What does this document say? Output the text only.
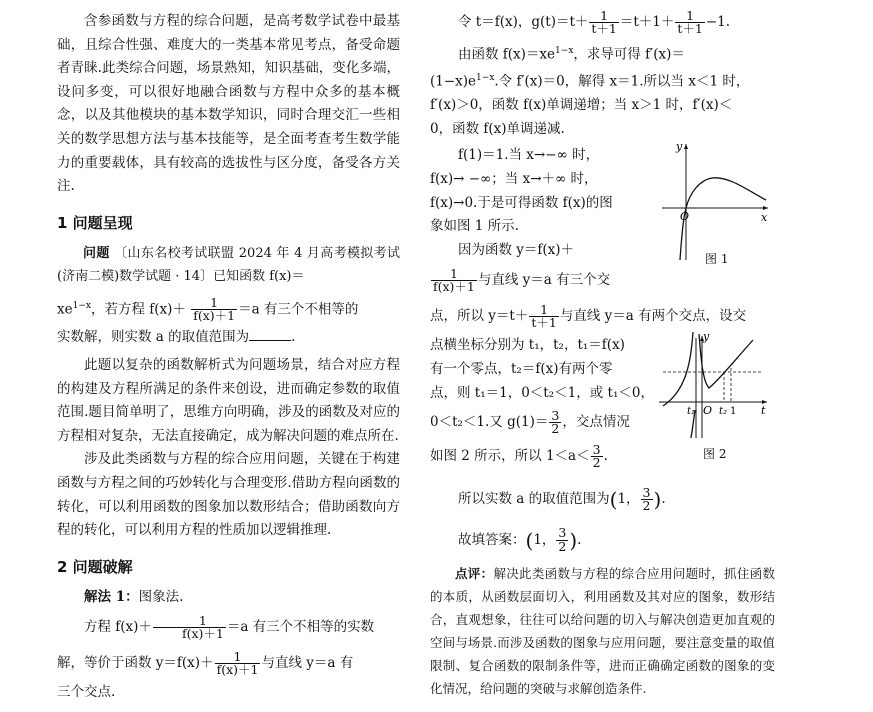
含参函数与方程的综合问题，是高考数学试卷中最基础，且综合性强、难度大的一类基本常见考点，备受命题者青睐.此类综合问题，场景熟知，知识基础，变化多端，设问多变，可以很好地融合函数与方程中众多的基本概念，以及其他模块的基本数学知识，同时合理交汇一些相关的数学思想方法与基本技能等，是全面考查考生数学能力的重要载体，具有较高的选拔性与区分度，备受各方关注.

1 问题呈现

问题 〔山东名校考试联盟 2024 年 4 月高考模拟考试(济南二模)数学试题 · 14〕已知函数 f(x)＝

$xe^{1-x}$，若方程 $f(x)+ \frac{1}{f(x)+1} =a$ 有三个不相等的

实数解，则实数 a 的取值范围为	.

此题以复杂的函数解析式为问题场景，结合对应方程的构建及方程所满足的条件来创设，进而确定参数的取值范围.题目简单明了，思维方向明确，涉及的函数及对应的方程相对复杂，无法直接确定，成为解决问题的难点所在.

涉及此类函数与方程的综合应用问题，关键在于构建函数与方程之间的巧妙转化与合理变形.借助方程向函数的转化，可以利用函数的图象加以数形结合；借助函数向方程的转化，可以利用方程的性质加以逻辑推理.

2 问题破解

解法 1：图象法.

方程 $f(x)+ \frac{1}{f(x)+1} =a$ 有三个不相等的实数

解，等价于函数 $y=f(x)+ \frac{1}{f(x)+1}$ 与直线 y＝a 有

三个交点.

令 t＝f(x)，$g(t)=t+ \frac{1}{t+1} =t+1+ \frac{1}{t+1} -1$.

由函数 $f(x)=xe^{1-x}$，求导可得 f′(x)＝

$(1-x)e^{1-x}$.令 f′(x)＝0，解得 x＝1.所以当 x＜1 时，

f′(x)＞0，函数 f(x)单调递增；当 x＞1 时，f′(x)＜

0，函数 f(x)单调递减.

f(1)＝1.当 x→−∞ 时，

f(x)→ −∞；当 x→＋∞ 时，

f(x)→0.于是可得函数 f(x)的图

象如图 1 所示.

因为函数 y＝f(x)＋

$\frac{1}{f(x)+1}$ 与直线 y＝a 有三个交

点，所以 $y=t+ \frac{1}{t+1}$ 与直线 y＝a 有两个交点，设交

点横坐标分别为 t₁，t₂，t₁＝f(x)

有一个零点，t₂＝f(x)有两个零

点，则 t₁＝1，0＜t₂＜1，或 t₁＜0，

0＜t₂＜1.又 $g(1)= \frac{3}{2}$ ，交点情况

如图 2 所示，所以 $1<a< \frac{3}{2}$ .

所以实数 a 的取值范围为(1， $\frac{3}{2}$ ).

故填答案：(1， $\frac{3}{2}$ ).

点评：解决此类函数与方程的综合应用问题时，抓住函数的本质，从函数层面切入，利用函数及其对应的图象，数形结合，直观想象，往往可以给问题的切入与解决创造更加直观的空间与场景.而涉及函数的图象与应用问题，要注意变量的取值限制、复合函数的限制条件等，进而正确确定函数的图象的变化情况，给问题的突破与求解创造条件.

y
x
O
图 1
y
t
O
t₁ t₂ 1
图 2
